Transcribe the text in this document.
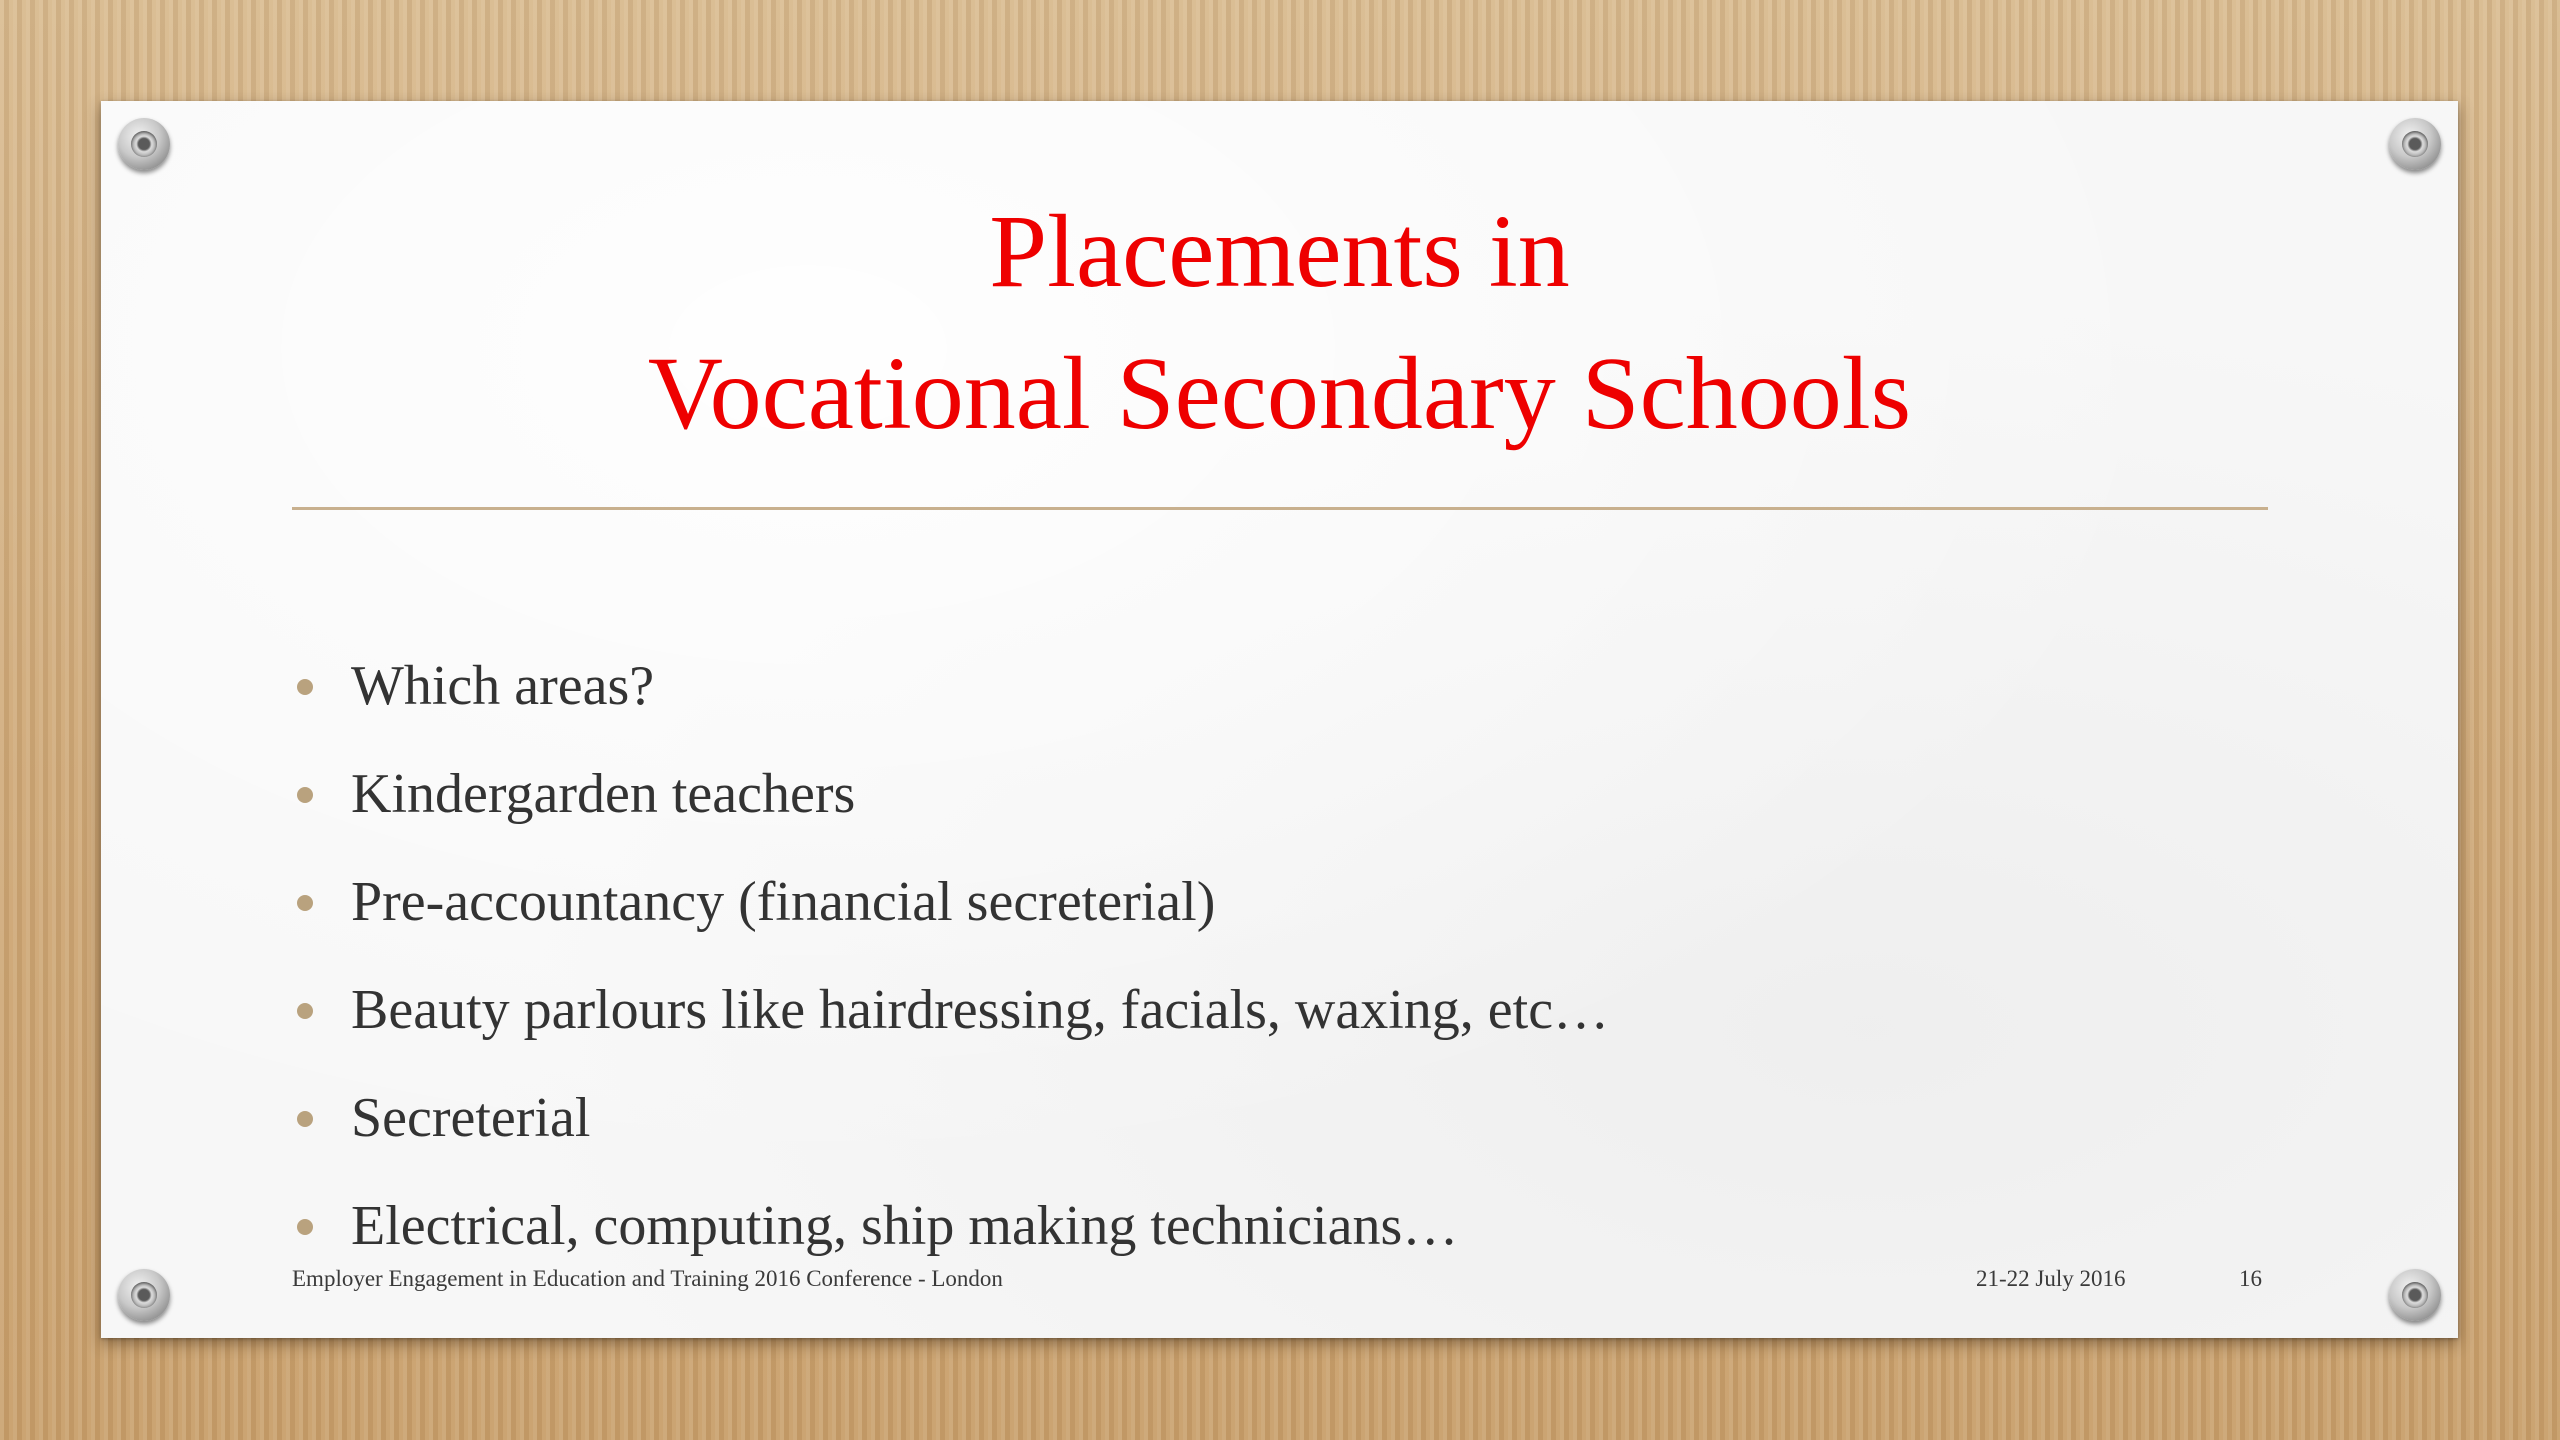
Placements in
Vocational Secondary Schools
Which areas?
Kindergarden teachers
Pre-accountancy (financial secreterial)
Beauty parlours like hairdressing, facials, waxing, etc…
Secreterial
Electrical, computing, ship making technicians…
Employer Engagement in Education and Training 2016 Conference - London	21-22 July 2016	16
